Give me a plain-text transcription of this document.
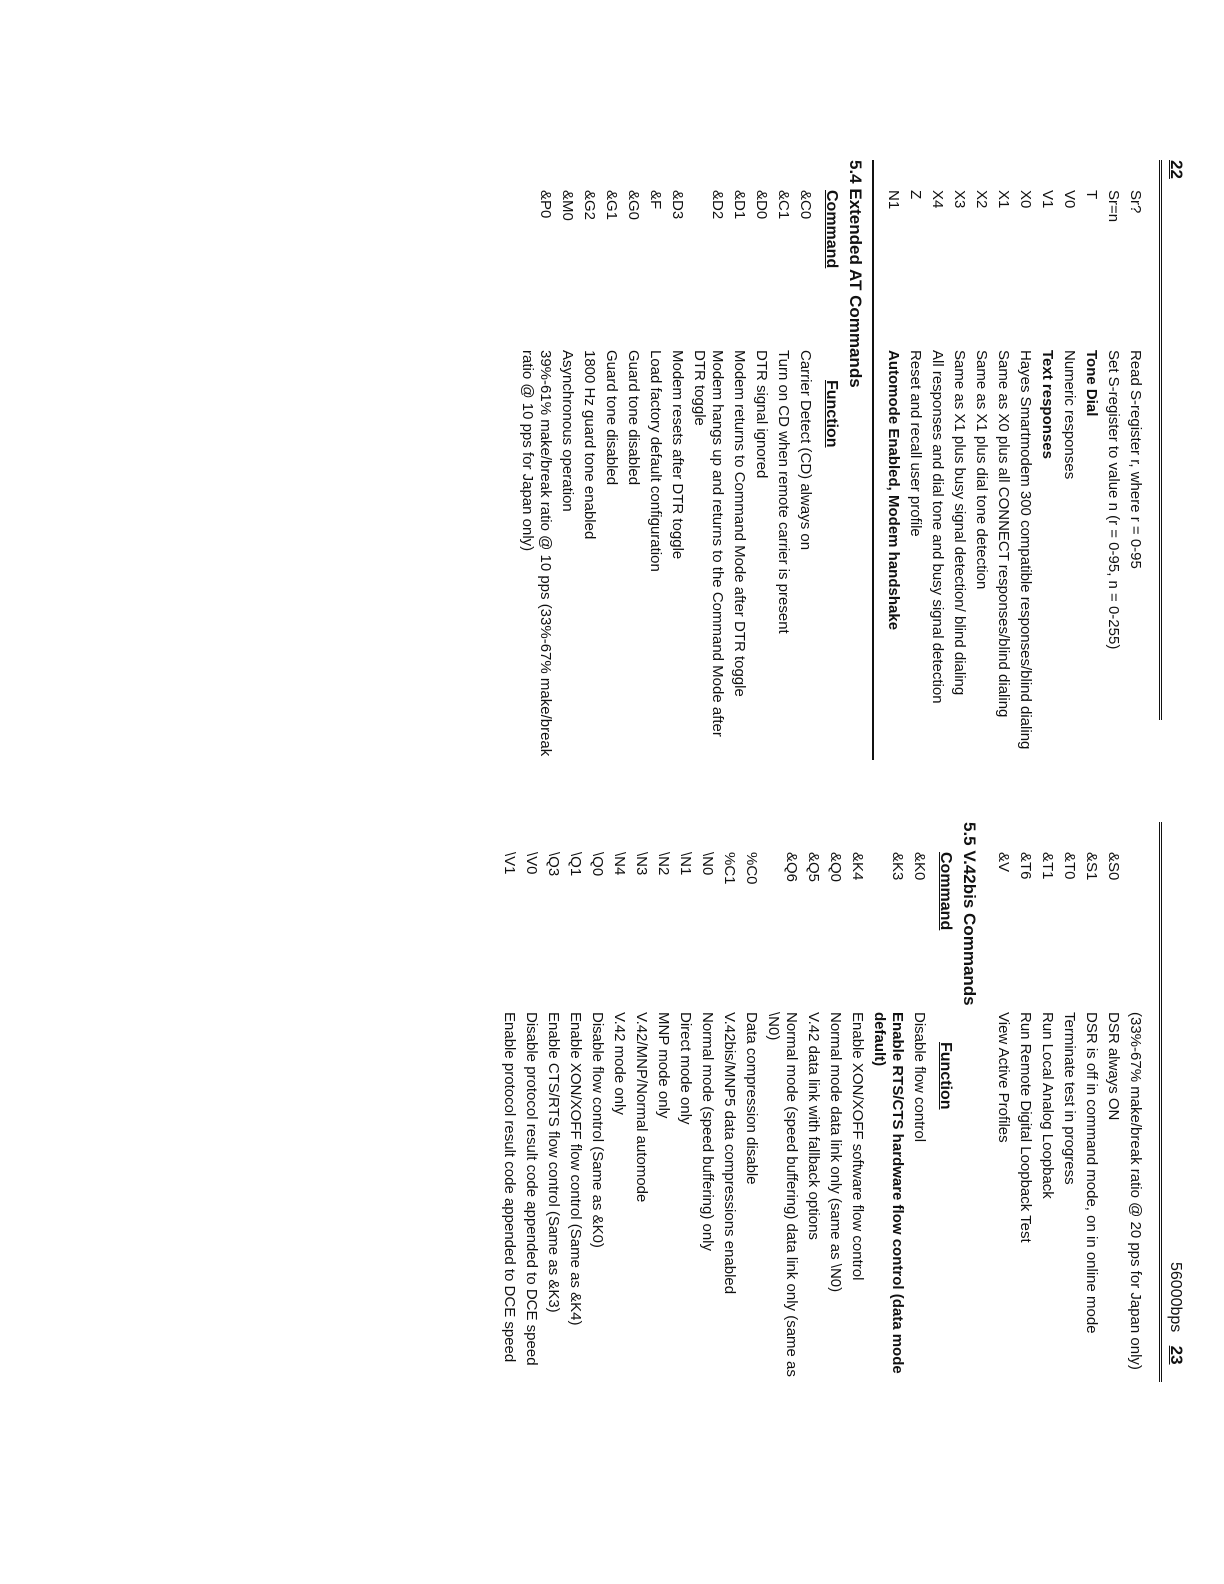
22
Sr?
Read S-register r, where r = 0-95
Sr=n
Set S-register to value n (r = 0-95, n = 0-255)
T
Tone Dial
V0
Numeric responses
V1
Text responses
X0
Hayes Smartmodem 300 compatible responses/blind dialing
X1
Same as X0 plus all CONNECT responses/blind dialing
X2
Same as X1 plus dial tone detection
X3
Same as X1 plus busy signal detection/ blind dialing
X4
All responses and dial tone and busy signal detection
Z
Reset and recall user profile
N1
Automode Enabled, Modem handshake
5.4 Extended AT Commands
Command
Function
&C0
Carrier Detect (CD) always on
&C1
Turn on CD when remote carrier is present
&D0
DTR signal ignored
&D1
Modem returns to Command Mode after DTR toggle
&D2
Modem hangs up and returns to the Command Mode after DTR toggle
&D3
Modem resets after DTR toggle
&F
Load factory default configuration
&G0
Guard tone disabled
&G1
Guard tone disabled
&G2
1800 Hz guard tone enabled
&M0
Asynchronous operation
&P0
39%-61% make/break ratio @ 10 pps (33%-67% make/break ratio @ 10 pps for Japan only)
56000bps   23
(33%-67% make/break ratio @ 20 pps for Japan only)
&S0
DSR always ON
&S1
DSR is off in command mode, on in online mode
&T0
Terminate test in progress
&T1
Run Local Analog Loopback
&T6
Run Remote Digital Loopback Test
&V
View Active Profiles
5.5 V.42bis Commands
Command
Function
&K0
Disable flow control
&K3
Enable RTS/CTS hardware flow control (data mode default)
&K4
Enable XON/XOFF software flow control
&Q0
Normal mode data link only (same as \N0)
&Q5
V.42 data link with fallback options
&Q6
Normal mode (speed buffering) data link only (same as \N0)
%C0
Data compression disable
%C1
V.42bis/MNP5 data compressions enabled
\N0
Normal mode (speed buffering) only
\N1
Direct mode only
\N2
MNP mode only
\N3
V.42/MNP/Normal automode
\N4
V.42 mode only
\Q0
Disable flow control (Same as &K0)
\Q1
Enable XON/XOFF flow control (Same as &K4)
\Q3
Enable CTS/RTS flow control (Same as &K3)
\V0
Disable protocol result code appended to DCE speed
\V1
Enable protocol result code appended to DCE speed
